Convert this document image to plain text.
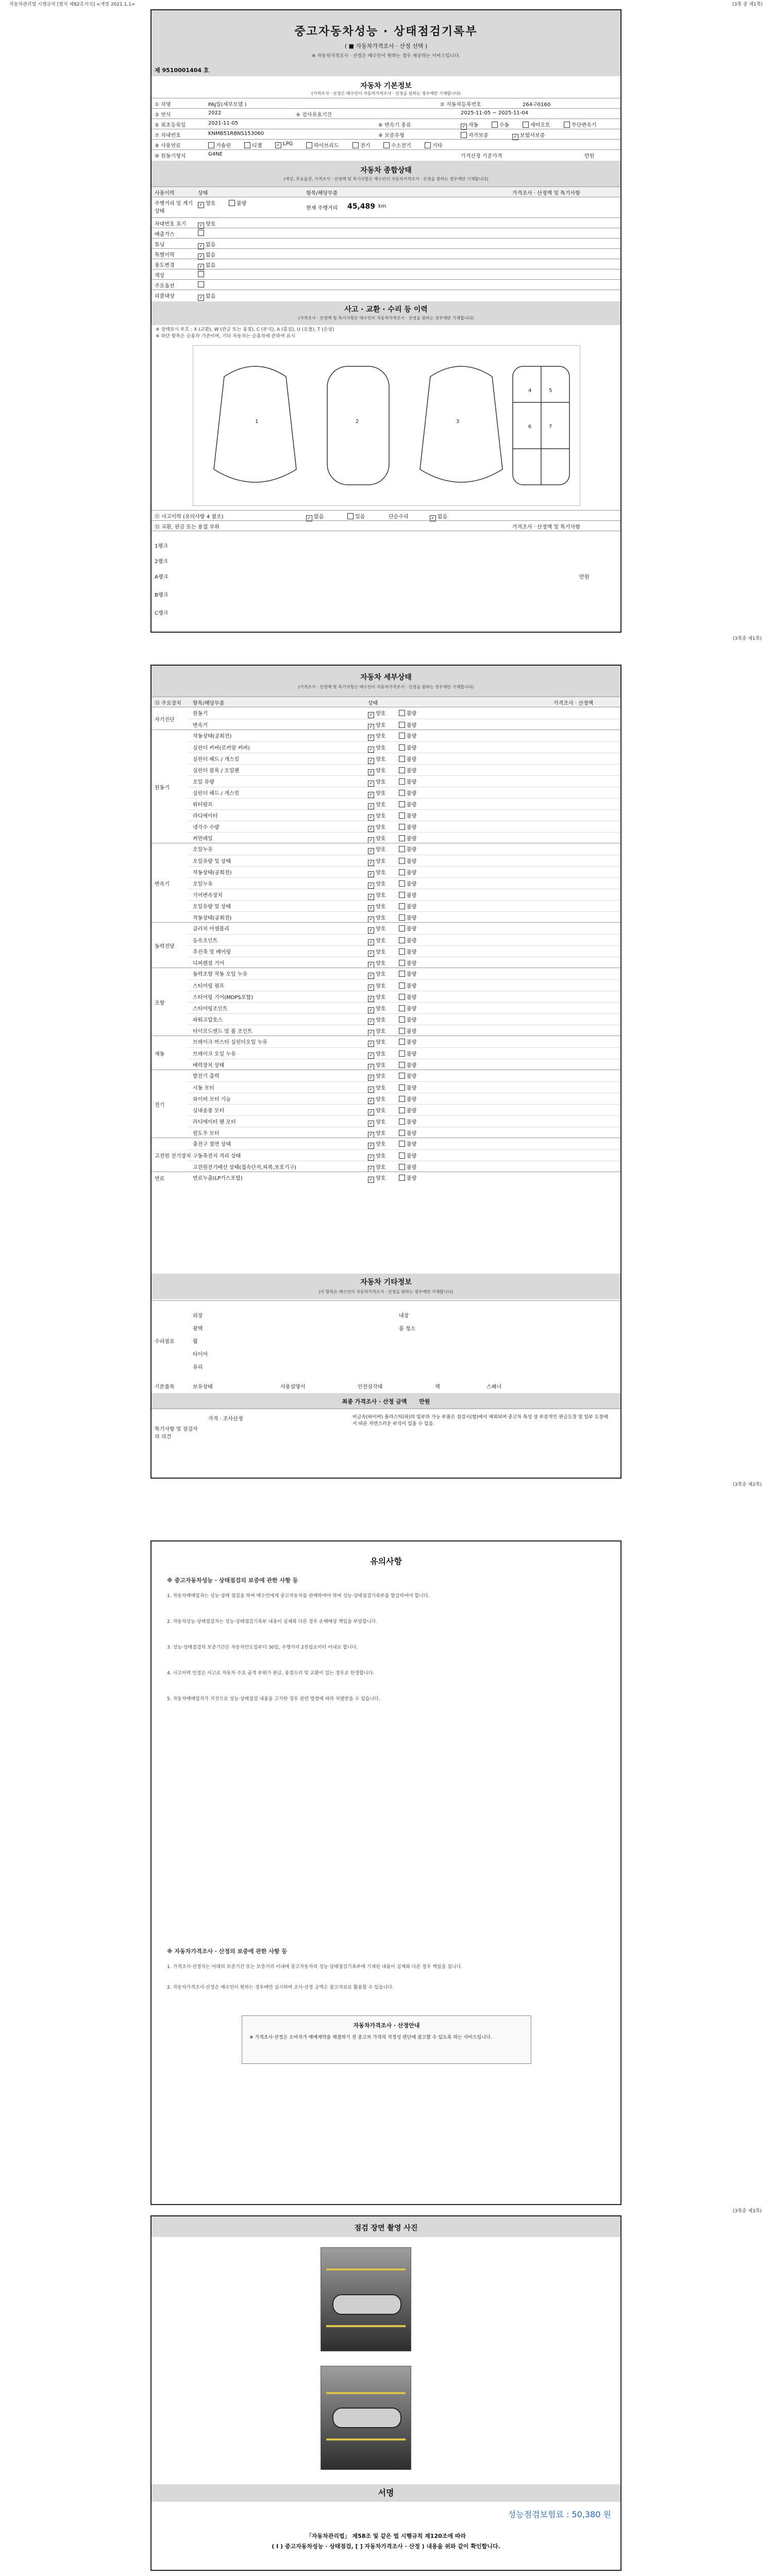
자동차관리법 시행규칙 [별지 제82호서식] <개정 2021.1.1>	(3쪽 중 제1쪽)
중고자동차성능 · 상태점검기록부
( ■ 자동차가격조사 · 산정 선택 )
※ 자동차가격조사 · 산정은 매수인이 원하는 경우 제공하는 서비스입니다.
제 9510001404 호
자동차 기본정보
(가격조사 · 산정은 매수인이 자동차가격조사 · 산정을 원하는 경우에만 기재합니다)
① 차명	PAJ일(세부모델 )	② 자동차등록번호	264구0160
③ 연식	2022	④ 검사유효기간	2025-11-05 ~ 2025-11-04
⑤ 최초등록일	2021-11-05	⑥ 변속기 종류 ✓	자동	수동	세미오토	무단변속기
⑦ 차대번호	KNMB51RBNS153060	⑧ 보증유형	자가보증 ✓	보험사보증
⑨ 사용연료	가솔린	디젤 ✓	LPG	하이브리드	전기	수소전기	기타
⑩ 원동기형식	G4NE	가격산정 기준가격	만원
자동차 종합상태
(색상, 주요옵션, 가격조사 · 산정액 및 특기사항은 매수인이 자동차가격조사 · 산정을 원하는 경우에만 기재합니다)
사용이력	상태	항목/해당부품	가격조사 · 산정액 및 특기사항
주행거리 및 계기상태
✓양호	불량
현재 주행거리 45,489 km
차대번호 표기 ✓	양호
배출가스
튜닝 ✓	없음
특별이력 ✓	없음
용도변경 ✓	없음
색상
주요옵션
리콜대상 ✓	없음
사고 · 교환 · 수리 등 이력
(가격조사 · 산정액 및 특기사항은 매수인이 자동차가격조사 · 산정을 원하는 경우에만 기재합니다)
※ 상태표시 부호 : X (교환), W (판금 또는 용접), C (부식), A (흠집), U (요철), T (손상)
※ 하단 항목은 승용차 기준이며, 기타 자동차는 승용차에 준하여 표시
1	2	3
4	5
6	7
⑪ 사고이력 (유의사항 4 참조) ✓	없음	있음	단순수리 ✓	없음
⑫ 교환, 판금 또는 용접 부위	가격조사 · 산정액 및 특기사항
1랭크
2랭크
A랭크
B랭크
C랭크
만원
(3쪽중 제1쪽)
자동차 세부상태
(가격조사 · 산정액 및 특기사항은 매수인이 자동차가격조사 · 산정을 원하는 경우에만 기재합니다)
⑬ 주요장치 항목/해당부품	상태	가격조사 · 산정액
자기진단
원동기 ✓	양호	불량
변속기 ✓	양호	불량
원동기
작동상태(공회전) ✓	양호	불량
실린더 커버(로커암 커버) ✓	양호	불량
실린더 헤드 / 개스킷 ✓	양호	불량
실린더 블록 / 오일팬 ✓	양호	불량
오일 유량 ✓	양호	불량
실린더 헤드 / 개스킷 ✓	양호	불량
워터펌프 ✓	양호	불량
라디에이터 ✓	양호	불량
냉각수 수량 ✓	양호	불량
커먼레일 ✓	양호	불량
변속기
오일누유 ✓	양호	불량
오일유량 및 상태 ✓	양호	불량
작동상태(공회전) ✓	양호	불량
오일누유 ✓	양호	불량
기어변속장치 ✓	양호	불량
오일유량 및 상태 ✓	양호	불량
작동상태(공회전) ✓	양호	불량
동력전달
클러치 어셈블리 ✓	양호	불량
등속조인트 ✓	양호	불량
추진축 및 베어링 ✓	양호	불량
디퍼렌셜 기어 ✓	양호	불량
조향
동력조향 작동 오일 누유 ✓	양호	불량
스티어링 펌프 ✓	양호	불량
스티어링 기어(MDPS포함) ✓	양호	불량
스티어링조인트 ✓	양호	불량
파워고압호스 ✓	양호	불량
타이로드엔드 및 볼 조인트 ✓	양호	불량
제동
브레이크 마스터 실린더오일 누유 ✓	양호	불량
브레이크 오일 누유 ✓	양호	불량
배력장치 상태 ✓	양호	불량
전기
발전기 출력 ✓	양호	불량
시동 모터 ✓	양호	불량
와이퍼 모터 기능 ✓	양호	불량
실내송풍 모터 ✓	양호	불량
라디에이터 팬 모터 ✓	양호	불량
윈도우 모터 ✓	양호	불량
고전원 전기장치
충전구 절연 상태 ✓	양호	불량
구동축전지 격리 상태 ✓	양호	불량
고전원전기배선 상태(접속단자,피복,보호기구) ✓	양호	불량
연료	연료누출(LP가스포함) ✓	양호	불량
자동차 기타정보
(이 항목은 매수인이 자동차가격조사 · 산정을 원하는 경우에만 기재합니다)
수리필요
기본품목
외장	내장
광택	룸 청소
휠
타이어
유리
보유상태	사용설명서	안전삼각대	잭	스패너
최종 가격조사 · 산정 금액 만원
특기사항 및 점검자의 의견
가격 · 조사산정	비금속(파이버) 플라스틱(파)의 밀부하 가능 부품은 점검시(험)에서 제외되며 중고차 특성 상 부분적인 판금도장 및 일부 도장에서 따른 자연스러운 부식이 있을 수 있음.
(3쪽중 제2쪽)
유의사항
※ 중고자동차성능 · 상태점검의 보증에 관한 사항 등
1. 자동차매매업자는 성능·상태 점검을 하여 매수인에게 중고자동차를 판매하여야 하며 성능·상태점검기록부를 발급하여야 합니다.
2. 자동차성능·상태점검자는 성능·상태점검기록부 내용이 실제와 다른 경우 손해배상 책임을 부담합니다.
3. 성능·상태점검의 보증기간은 자동차인도일부터 30일, 주행거리 2천킬로미터 이내로 합니다.
4. 사고이력 인정은 사고로 자동차 주요 골격 부위가 판금, 용접수리 및 교환이 있는 경우로 한정합니다.
5. 자동차매매업자가 거짓으로 성능·상태점검 내용을 고지한 경우 관련 법령에 따라 처벌받을 수 있습니다.
※ 자동차가격조사 · 산정의 보증에 관한 사항 등
1. 가격조사·산정자는 아래의 보증기간 또는 보증거리 이내에 중고자동차의 성능·상태점검기록부에 기재된 내용이 실제와 다른 경우 책임을 집니다.
2. 자동차가격조사·산정은 매수인이 원하는 경우에만 실시하며 조사·산정 금액은 참고자료로 활용할 수 있습니다.
자동차가격조사 · 산정안내
※ 가격조사·산정은 소비자가 매매계약을 체결하기 전 중고차 가격의 적정성 판단에 참고할 수 있도록 하는 서비스입니다.
(3쪽중 제3쪽)
점검 장면 촬영 사진
서명
성능점검보험료 : 50,380 원
「자동차관리법」 제58조 및 같은 법 시행규칙 제120조에 따라
( I ) 중고자동차성능 · 상태점검, [ ] 자동차가격조사 · 산정 ) 내용을 위와 같이 확인합니다.
